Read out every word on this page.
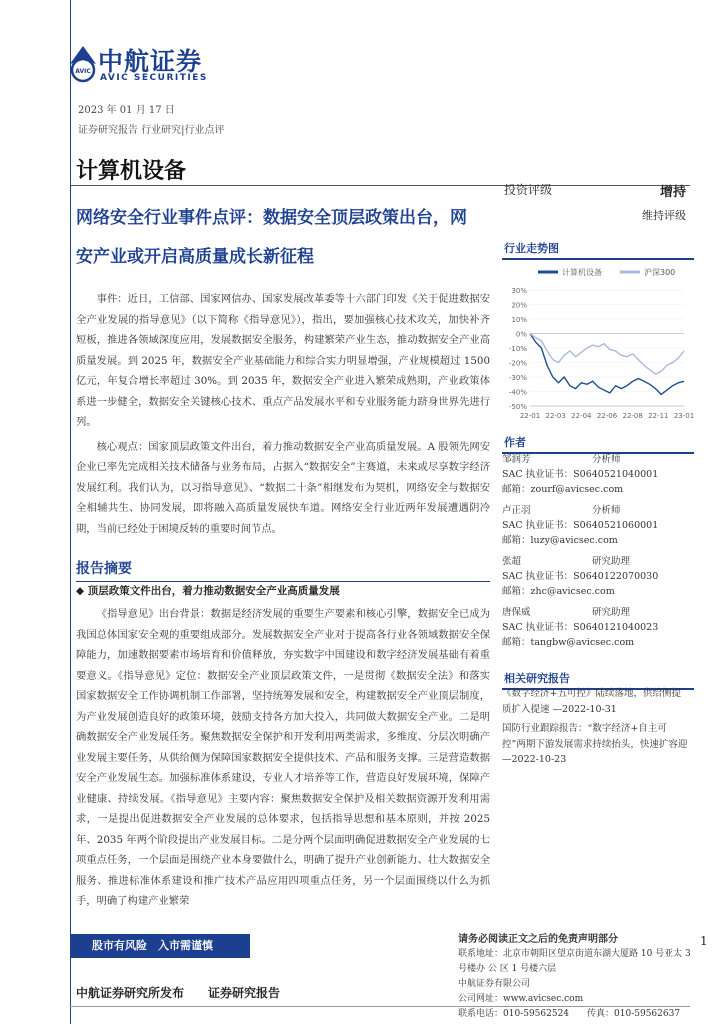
AVIC 中航证券
AVIC SECURITIES
2023 年 01 月 17 日
证券研究报告 行业研究|行业点评
计算机设备
网络安全行业事件点评：数据安全顶层政策出台，网
安产业或开启高质量成长新征程
投资评级	增持
维持评级
行业走势图
计算机设备	沪深300
30%
20%
10%
0%
-10%
-20%
-30%
-40%
-50%
22-01 22-03 22-04 22-06 22-08 22-11 23-01

事件：近日，工信部、国家网信办、国家发展改革委等十六部门印发《关于促进数据安全产业发展的指导意见》（以下简称《指导意见》），指出，要加强核心技术攻关，加快补齐短板，推进各领域深度应用，发展数据安全服务，构建繁荣产业生态，推动数据安全产业高质量发展。到 2025 年，数据安全产业基础能力和综合实力明显增强，产业规模超过 1500 亿元，年复合增长率超过 30%。到 2035 年，数据安全产业进入繁荣成熟期，产业政策体系进一步健全，数据安全关键核心技术、重点产品发展水平和专业服务能力跻身世界先进行列。

核心观点：国家顶层政策文件出台，着力推动数据安全产业高质量发展。A 股领先网安企业已率先完成相关技术储备与业务布局，占据入“数据安全”主赛道，未来或尽享数字经济发展红利。我们认为，以习指导意见》、“数据二十条”相继发布为契机，网络安全与数据安全相辅共生、协同发展，即将融入高质量发展快车道。网络安全行业近两年发展遭遇阴冷期，当前已经处于困境反转的重要时间节点。

报告摘要
◆ 顶层政策文件出台，着力推动数据安全产业高质量发展

《指导意见》出台背景：数据是经济发展的重要生产要素和核心引擎，数据安全已成为我国总体国家安全观的重要组成部分。发展数据安全产业对于提高各行业各领域数据安全保障能力，加速数据要素市场培育和价值释放，夯实数字中国建设和数字经济发展基础有着重要意义。《指导意见》定位：数据安全产业顶层政策文件，一是贯彻《数据安全法》和落实国家数据安全工作协调机制工作部署，坚持统筹发展和安全，构建数据安全产业顶层制度，为产业发展创造良好的政策环境，鼓励支持各方加大投入，共同做大数据安全产业。二是明确数据安全产业发展任务。聚焦数据安全保护和开发利用两类需求，多维度、分层次明确产业发展主要任务，从供给侧为保障国家数据安全提供技术、产品和服务支撑。三是营造数据安全产业发展生态。加强标准体系建设，专业人才培养等工作，营造良好发展环境，保障产业健康、持续发展。《指导意见》主要内容：聚焦数据安全保护及相关数据资源开发利用需求，一是提出促进数据安全产业发展的总体要求，包括指导思想和基本原则，并按 2025 年、2035 年两个阶段提出产业发展目标。二是分两个层面明确促进数据安全产业发展的七项重点任务，一个层面是围绕产业本身要做什么，明确了提升产业创新能力、壮大数据安全服务、推进标准体系建设和推广技术产品应用四项重点任务，另一个层面围绕以什么为抓手，明确了构建产业繁荣

作者
邹润芳	分析师
SAC 执业证书：S0640521040001
邮箱：zourf@avicsec.com
卢正羽	分析师
SAC 执业证书：S0640521060001
邮箱：luzy@avicsec.com
张超	研究助理
SAC 执业证书：S0640122070030
邮箱：zhc@avicsec.com
唐保威	研究助理
SAC 执业证书：S0640121040023
邮箱：tangbw@avicsec.com
相关研究报告
《数字经济+五可控》陆续落地，供给侧提质扩入提速 —2022-10-31
国防行业跟踪报告：“数字经济+自主可控”两期下游发展需求持续抬头，快速扩容迎 —2022-10-23
股市有风险　入市需谨慎	请务必阅读正文之后的免责声明部分
联系地址：北京市朝阳区望京街道东湖大厦路 10 号亚太 3 号楼办 公 区 1 号楼六层
中航证券有限公司
公司网址：www.avicsec.com
联系电话：010-59562524　　传真：010-59562637
1
中航证券研究所发布　　证券研究报告
